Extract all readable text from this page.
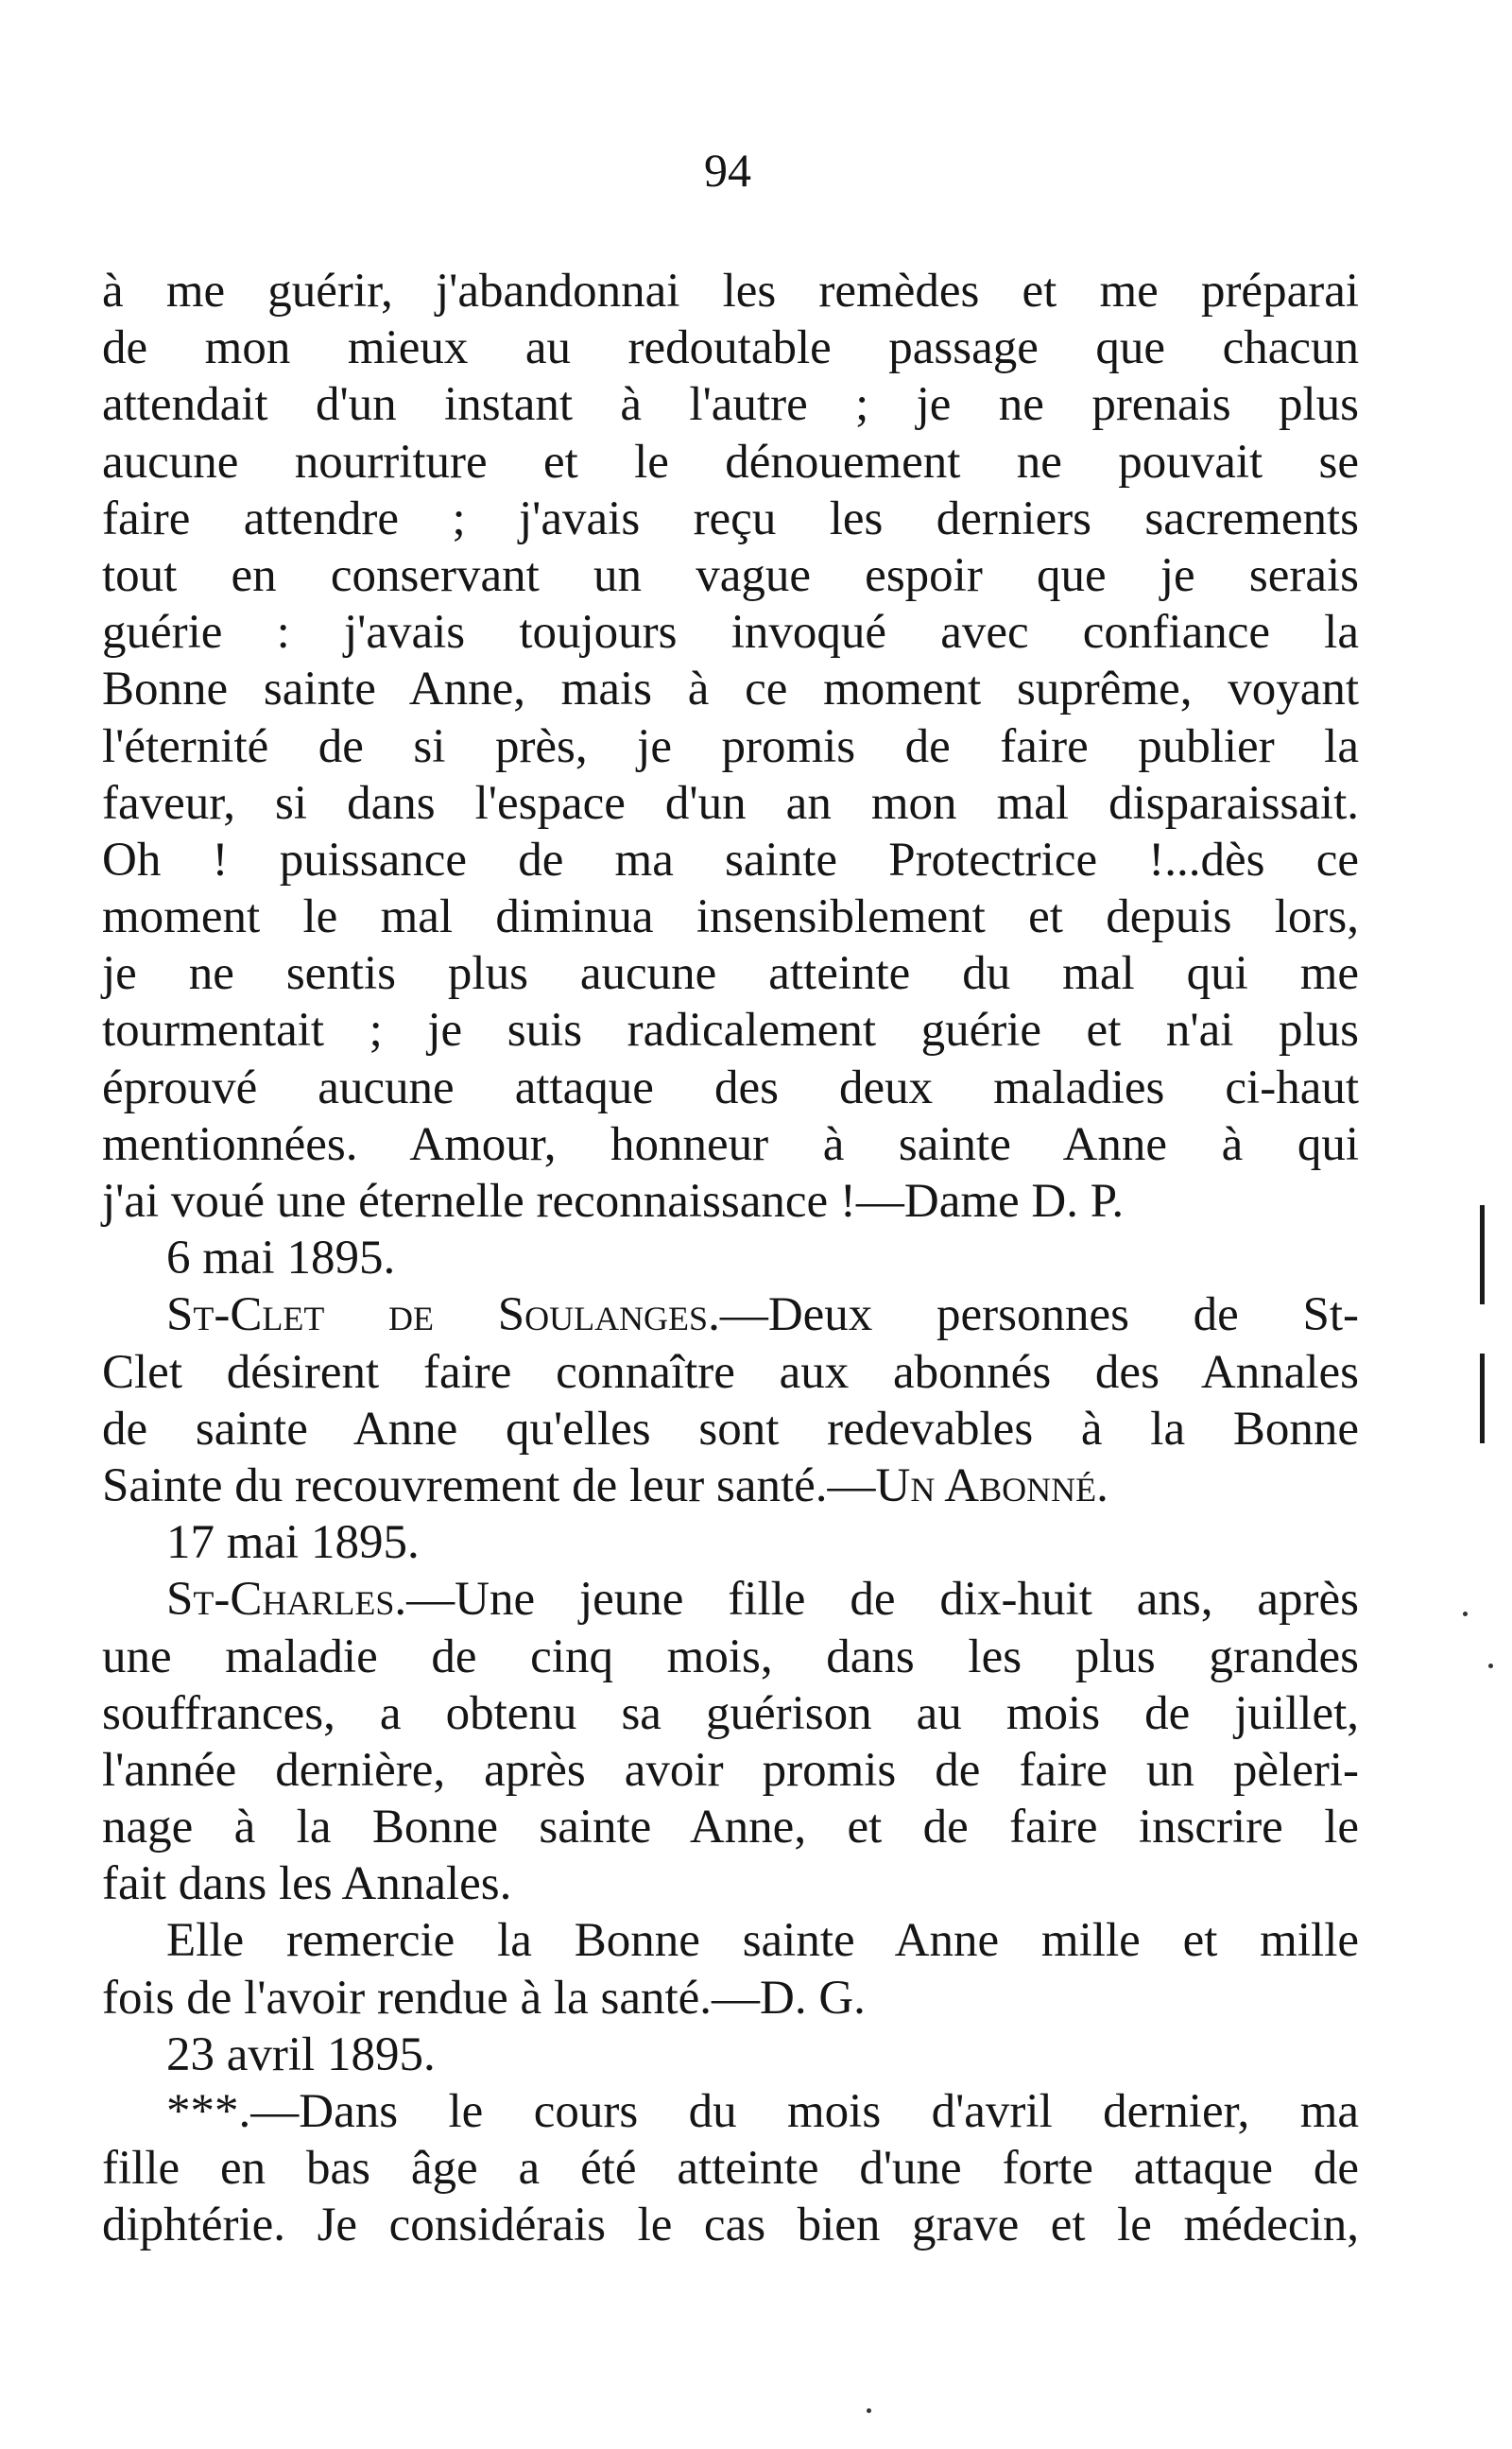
94
à me guérir, j'abandonnai les remèdes et me préparai
de mon mieux au redoutable passage que chacun
attendait d'un instant à l'autre ; je ne prenais plus
aucune nourriture et le dénouement ne pouvait se
faire attendre ; j'avais reçu les derniers sacrements
tout en conservant un vague espoir que je serais
guérie : j'avais toujours invoqué avec confiance la
Bonne sainte Anne, mais à ce moment suprême, voyant
l'éternité de si près, je promis de faire publier la
faveur, si dans l'espace d'un an mon mal disparaissait.
Oh ! puissance de ma sainte Protectrice !...dès ce
moment le mal diminua insensiblement et depuis lors,
je ne sentis plus aucune atteinte du mal qui me
tourmentait ; je suis radicalement guérie et n'ai plus
éprouvé aucune attaque des deux maladies ci-haut
mentionnées. Amour, honneur à sainte Anne à qui
j'ai voué une éternelle reconnaissance !—Dame D. P.
6 mai 1895.
St-Clet de Soulanges.—Deux personnes de St-
Clet désirent faire connaître aux abonnés des Annales
de sainte Anne qu'elles sont redevables à la Bonne
Sainte du recouvrement de leur santé.—Un Abonné.
17 mai 1895.
St-Charles.—Une jeune fille de dix-huit ans, après
une maladie de cinq mois, dans les plus grandes
souffrances, a obtenu sa guérison au mois de juillet,
l'année dernière, après avoir promis de faire un pèleri-
nage à la Bonne sainte Anne, et de faire inscrire le
fait dans les Annales.
Elle remercie la Bonne sainte Anne mille et mille
fois de l'avoir rendue à la santé.—D. G.
23 avril 1895.
***.—Dans le cours du mois d'avril dernier, ma
fille en bas âge a été atteinte d'une forte attaque de
diphtérie. Je considérais le cas bien grave et le médecin,
